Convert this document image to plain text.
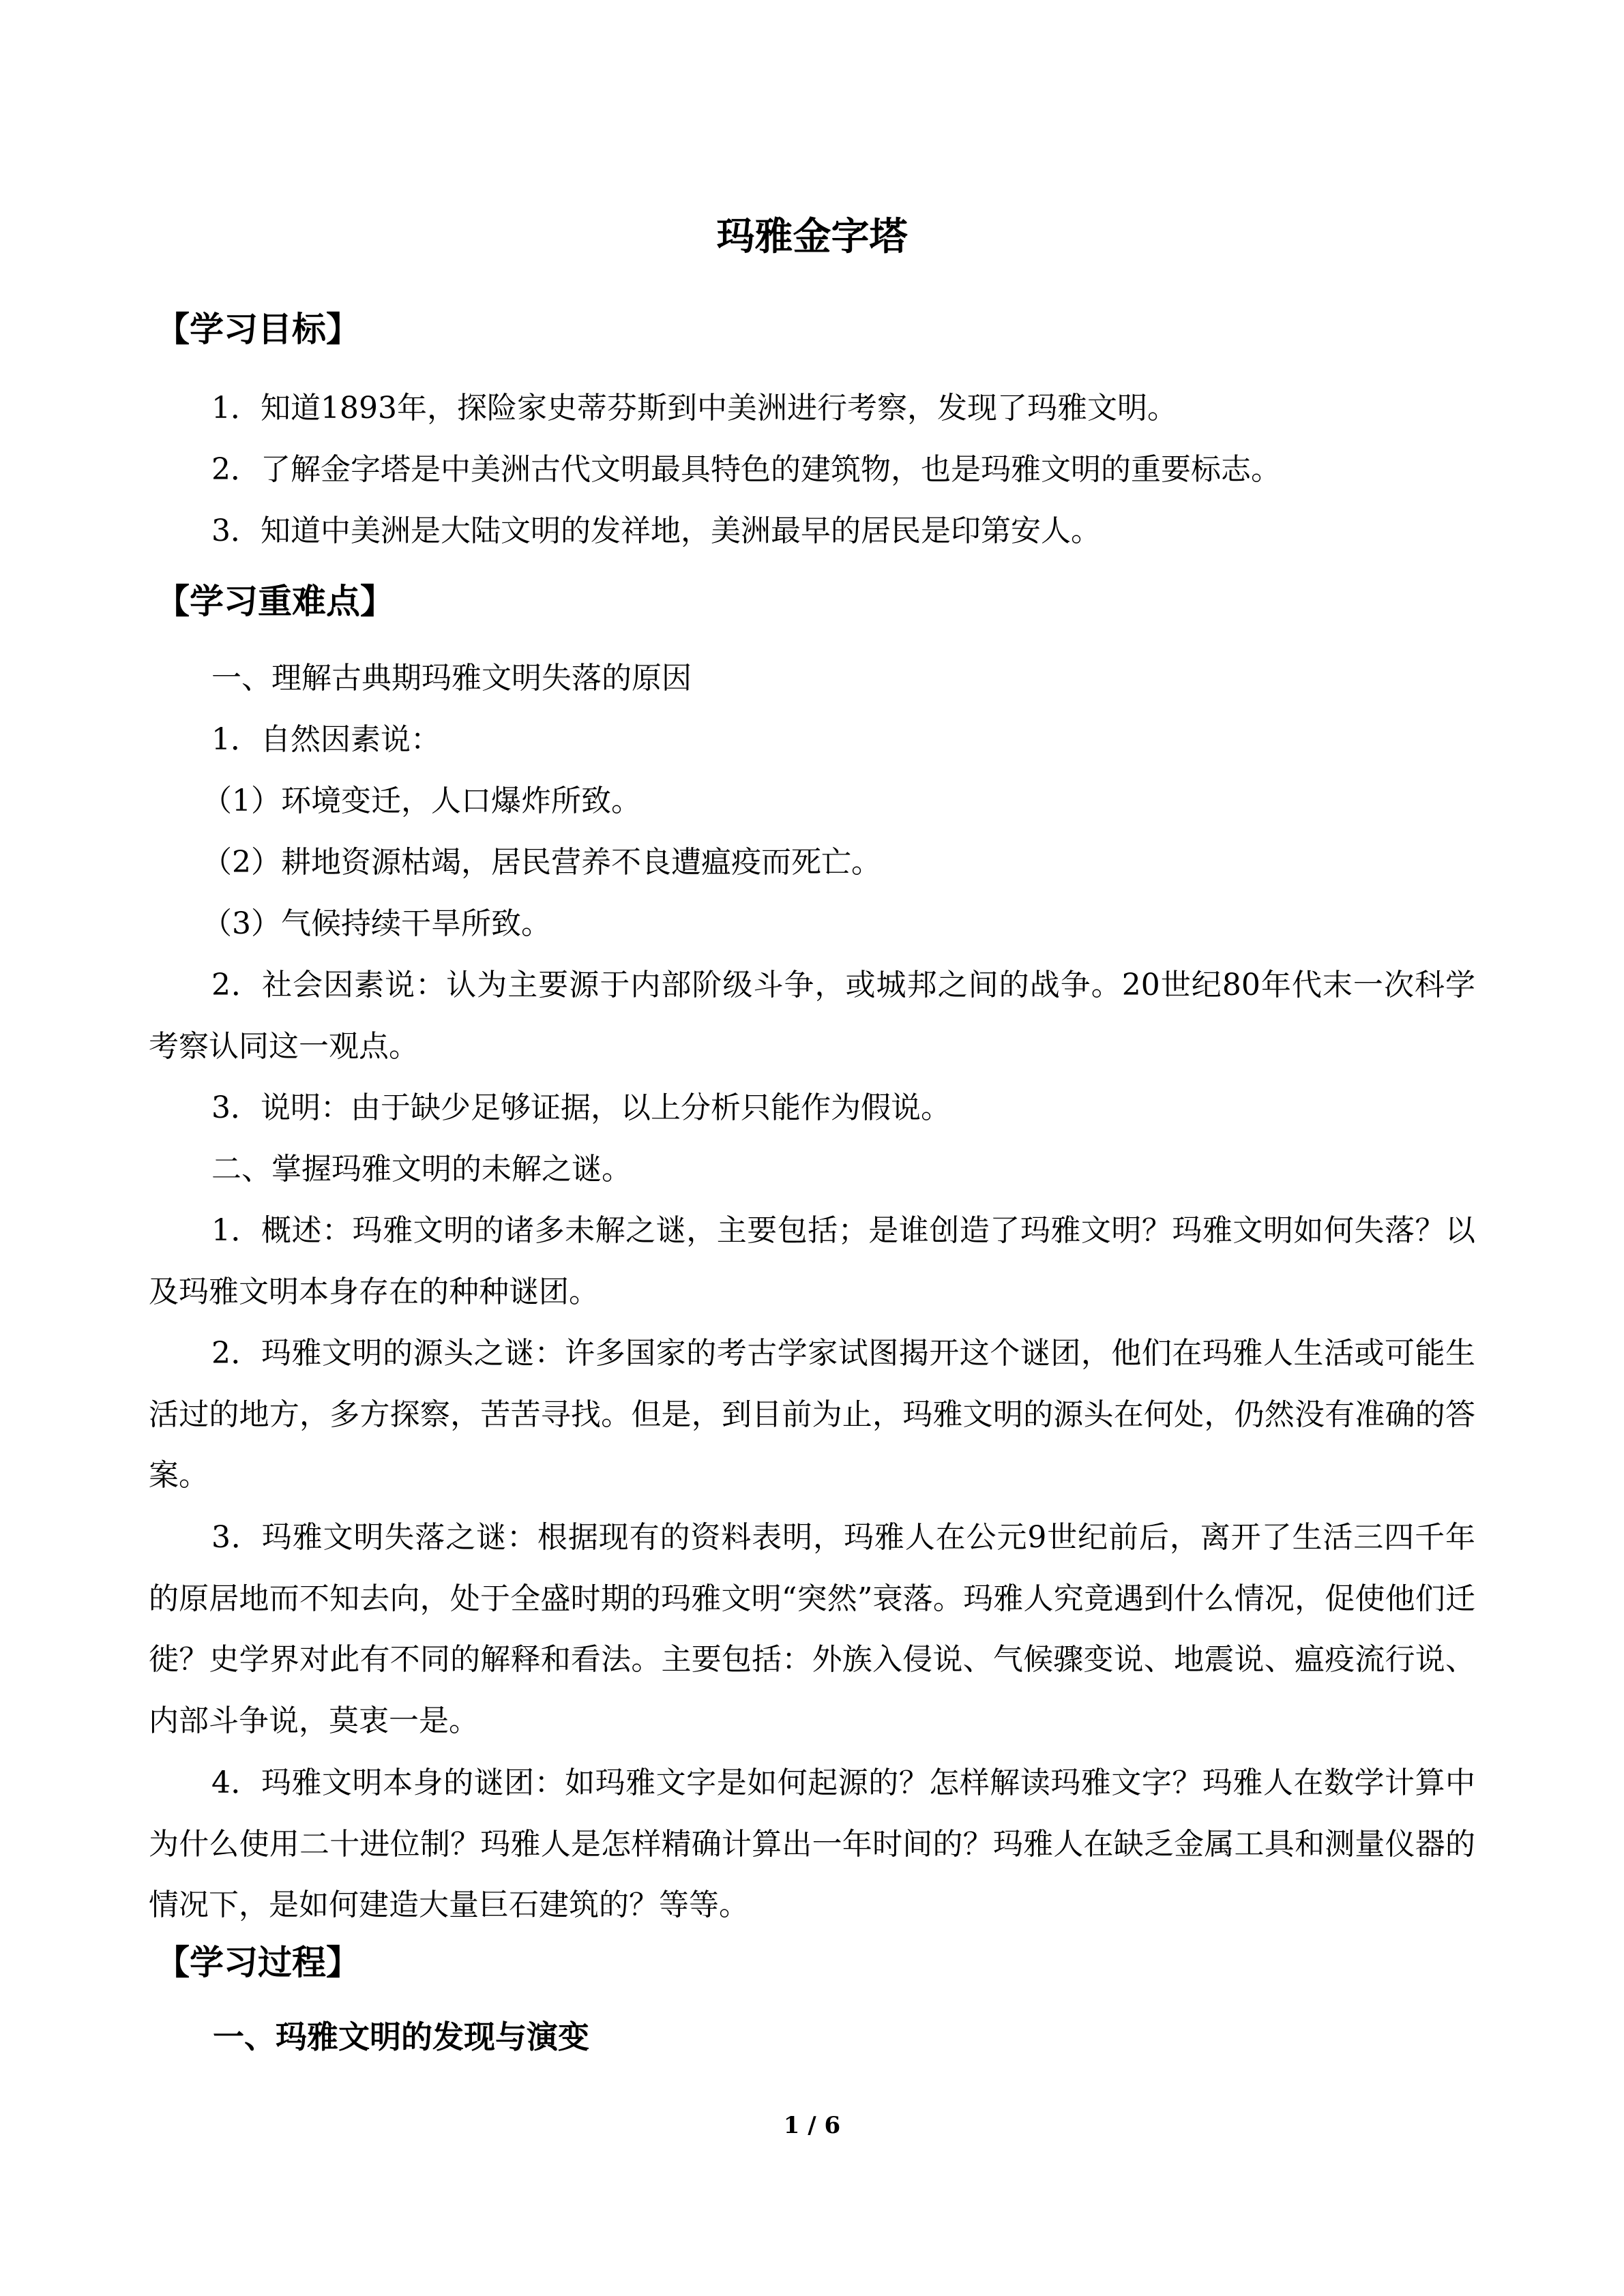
玛雅金字塔
【学习目标】

1．知道1893年，探险家史蒂芬斯到中美洲进行考察，发现了玛雅文明。

2．了解金字塔是中美洲古代文明最具特色的建筑物，也是玛雅文明的重要标志。

3．知道中美洲是大陆文明的发祥地，美洲最早的居民是印第安人。

【学习重难点】

一、理解古典期玛雅文明失落的原因

1．自然因素说：

（1）环境变迁，人口爆炸所致。

（2）耕地资源枯竭，居民营养不良遭瘟疫而死亡。

（3）气候持续干旱所致。

2．社会因素说：认为主要源于内部阶级斗争，或城邦之间的战争。20世纪80年代末一次科学考察认同这一观点。

3．说明：由于缺少足够证据，以上分析只能作为假说。

二、掌握玛雅文明的未解之谜。

1．概述：玛雅文明的诸多未解之谜，主要包括；是谁创造了玛雅文明？玛雅文明如何失落？以及玛雅文明本身存在的种种谜团。

2．玛雅文明的源头之谜：许多国家的考古学家试图揭开这个谜团，他们在玛雅人生活或可能生活过的地方，多方探察，苦苦寻找。但是，到目前为止，玛雅文明的源头在何处，仍然没有准确的答案。

3．玛雅文明失落之谜：根据现有的资料表明，玛雅人在公元9世纪前后，离开了生活三四千年的原居地而不知去向，处于全盛时期的玛雅文明“突然”衰落。玛雅人究竟遇到什么情况，促使他们迁徙？史学界对此有不同的解释和看法。主要包括：外族入侵说、气候骤变说、地震说、瘟疫流行说、内部斗争说，莫衷一是。

4．玛雅文明本身的谜团：如玛雅文字是如何起源的？怎样解读玛雅文字？玛雅人在数学计算中为什么使用二十进位制？玛雅人是怎样精确计算出一年时间的？玛雅人在缺乏金属工具和测量仪器的情况下，是如何建造大量巨石建筑的？等等。

【学习过程】
一、玛雅文明的发现与演变
1 / 6
